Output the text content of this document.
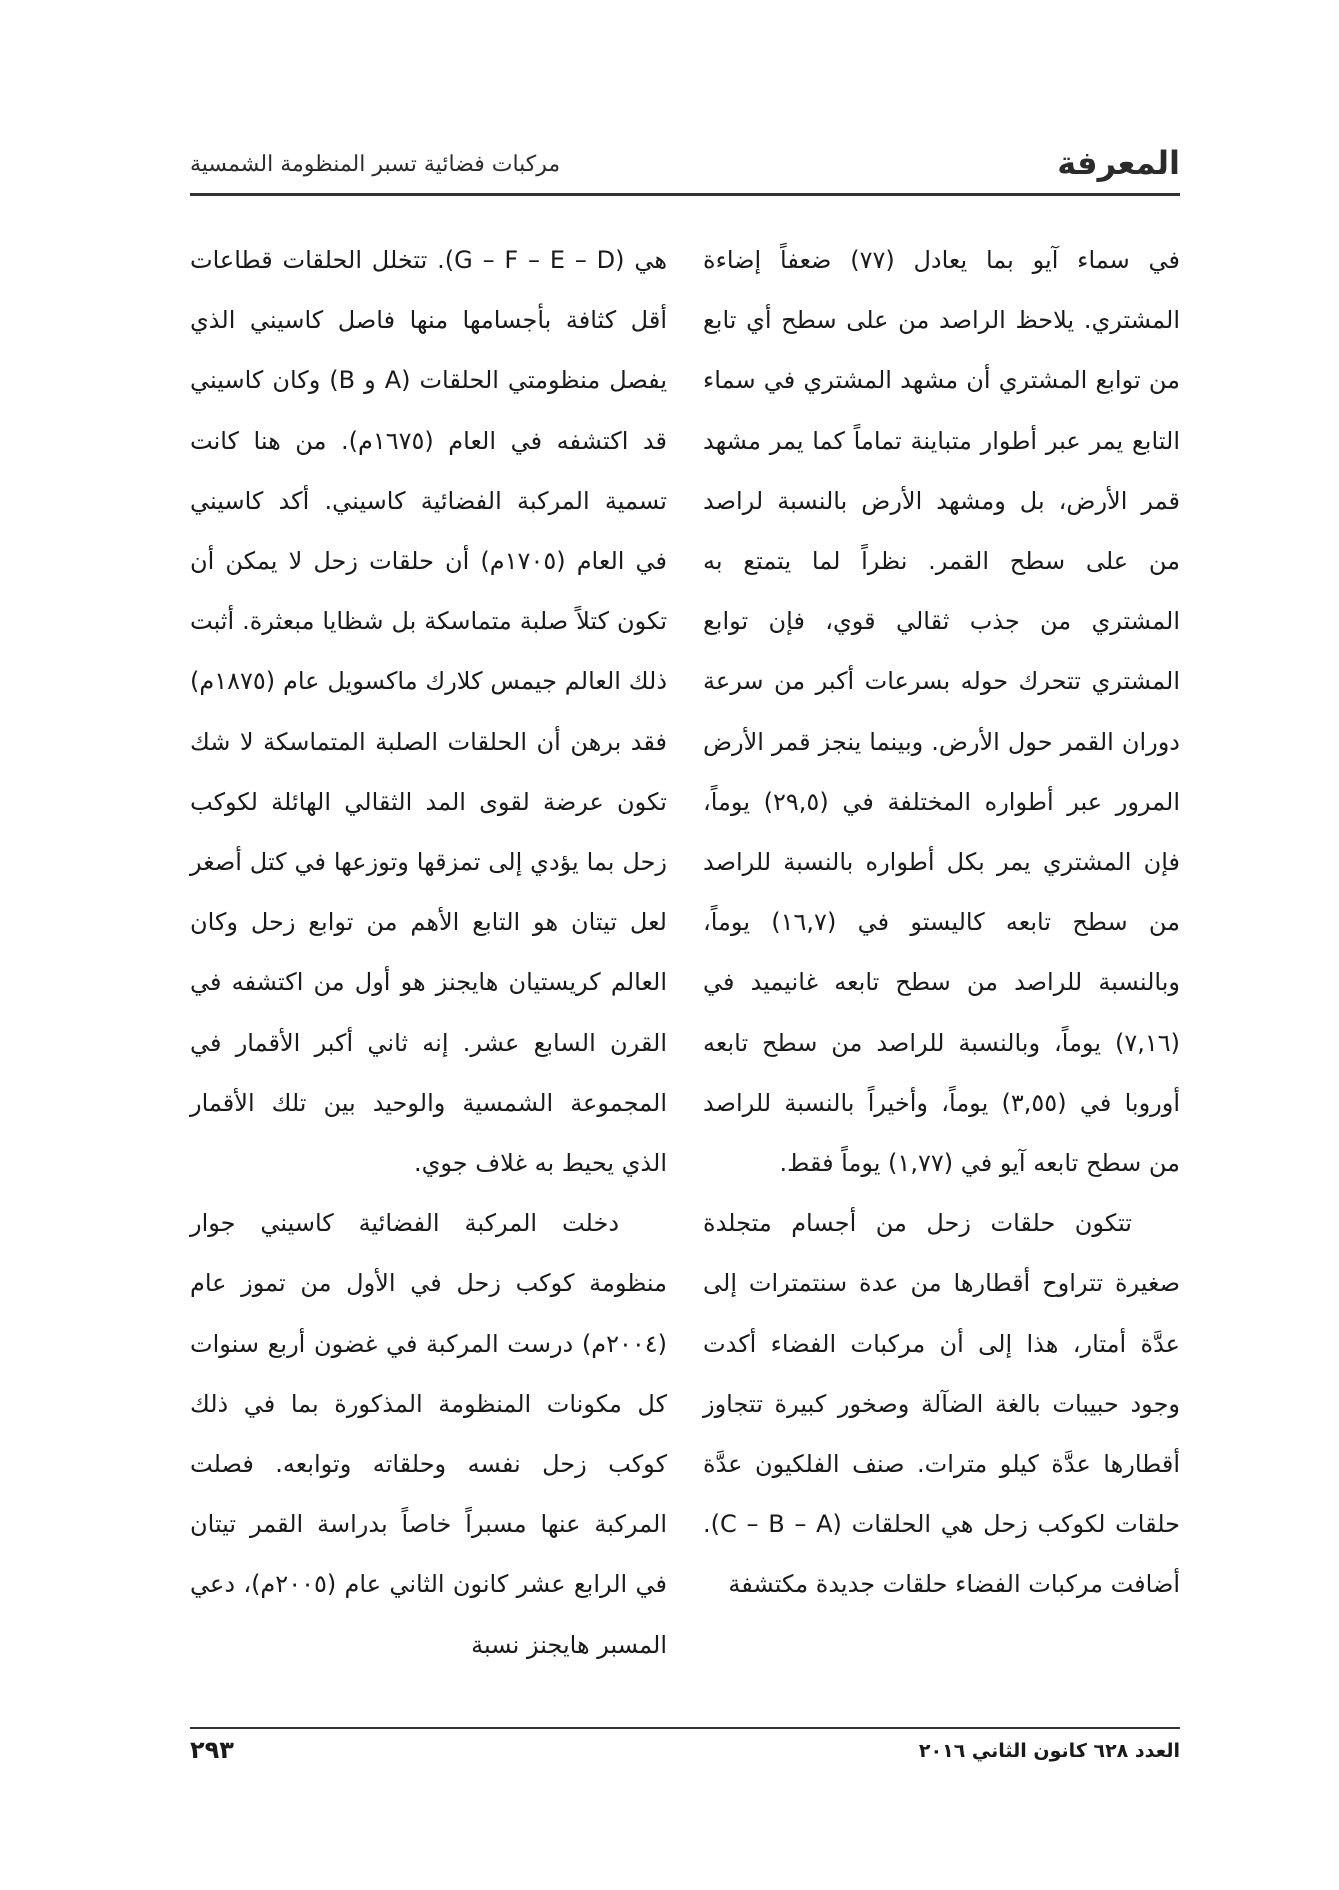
المعرفة
مركبات فضائية تسبر المنظومة الشمسية

في سماء آيو بما يعادل (٧٧) ضعفاً إضاءة المشتري. يلاحظ الراصد من على سطح أي تابع من توابع المشتري أن مشهد المشتري في سماء التابع يمر عبر أطوار متباينة تماماً كما يمر مشهد قمر الأرض، بل ومشهد الأرض بالنسبة لراصد من على سطح القمر. نظراً لما يتمتع به المشتري من جذب ثقالي قوي، فإن توابع المشتري تتحرك حوله بسرعات أكبر من سرعة دوران القمر حول الأرض. وبينما ينجز قمر الأرض المرور عبر أطواره المختلفة في (٢٩,٥) يوماً، فإن المشتري يمر بكل أطواره بالنسبة للراصد من سطح تابعه كاليستو في (١٦,٧) يوماً، وبالنسبة للراصد من سطح تابعه غانيميد في (٧,١٦) يوماً، وبالنسبة للراصد من سطح تابعه أوروبا في (٣,٥٥) يوماً، وأخيراً بالنسبة للراصد من سطح تابعه آيو في (١,٧٧) يوماً فقط.

تتكون حلقات زحل من أجسام متجلدة صغيرة تتراوح أقطارها من عدة سنتمترات إلى عدَّة أمتار، هذا إلى أن مركبات الفضاء أكدت وجود حبيبات بالغة الضآلة وصخور كبيرة تتجاوز أقطارها عدَّة كيلو مترات. صنف الفلكيون عدَّة حلقات لكوكب زحل هي الحلقات (C – B – A). أضافت مركبات الفضاء حلقات جديدة مكتشفة

هي (G – F – E – D). تتخلل الحلقات قطاعات أقل كثافة بأجسامها منها فاصل كاسيني الذي يفصل منظومتي الحلقات (A و B) وكان كاسيني قد اكتشفه في العام (١٦٧٥م). من هنا كانت تسمية المركبة الفضائية كاسيني. أكد كاسيني في العام (١٧٠٥م) أن حلقات زحل لا يمكن أن تكون كتلاً صلبة متماسكة بل شظايا مبعثرة. أثبت ذلك العالم جيمس كلارك ماكسويل عام (١٨٧٥م) فقد برهن أن الحلقات الصلبة المتماسكة لا شك تكون عرضة لقوى المد الثقالي الهائلة لكوكب زحل بما يؤدي إلى تمزقها وتوزعها في كتل أصغر لعل تيتان هو التابع الأهم من توابع زحل وكان العالم كريستيان هايجنز هو أول من اكتشفه في القرن السابع عشر. إنه ثاني أكبر الأقمار في المجموعة الشمسية والوحيد بين تلك الأقمار الذي يحيط به غلاف جوي.

دخلت المركبة الفضائية كاسيني جوار منظومة كوكب زحل في الأول من تموز عام (٢٠٠٤م) درست المركبة في غضون أربع سنوات كل مكونات المنظومة المذكورة بما في ذلك كوكب زحل نفسه وحلقاته وتوابعه. فصلت المركبة عنها مسبراً خاصاً بدراسة القمر تيتان في الرابع عشر كانون الثاني عام (٢٠٠٥م)، دعي المسبر هايجنز نسبة

العدد ٦٢٨ كانون الثاني ٢٠١٦
٢٩٣
